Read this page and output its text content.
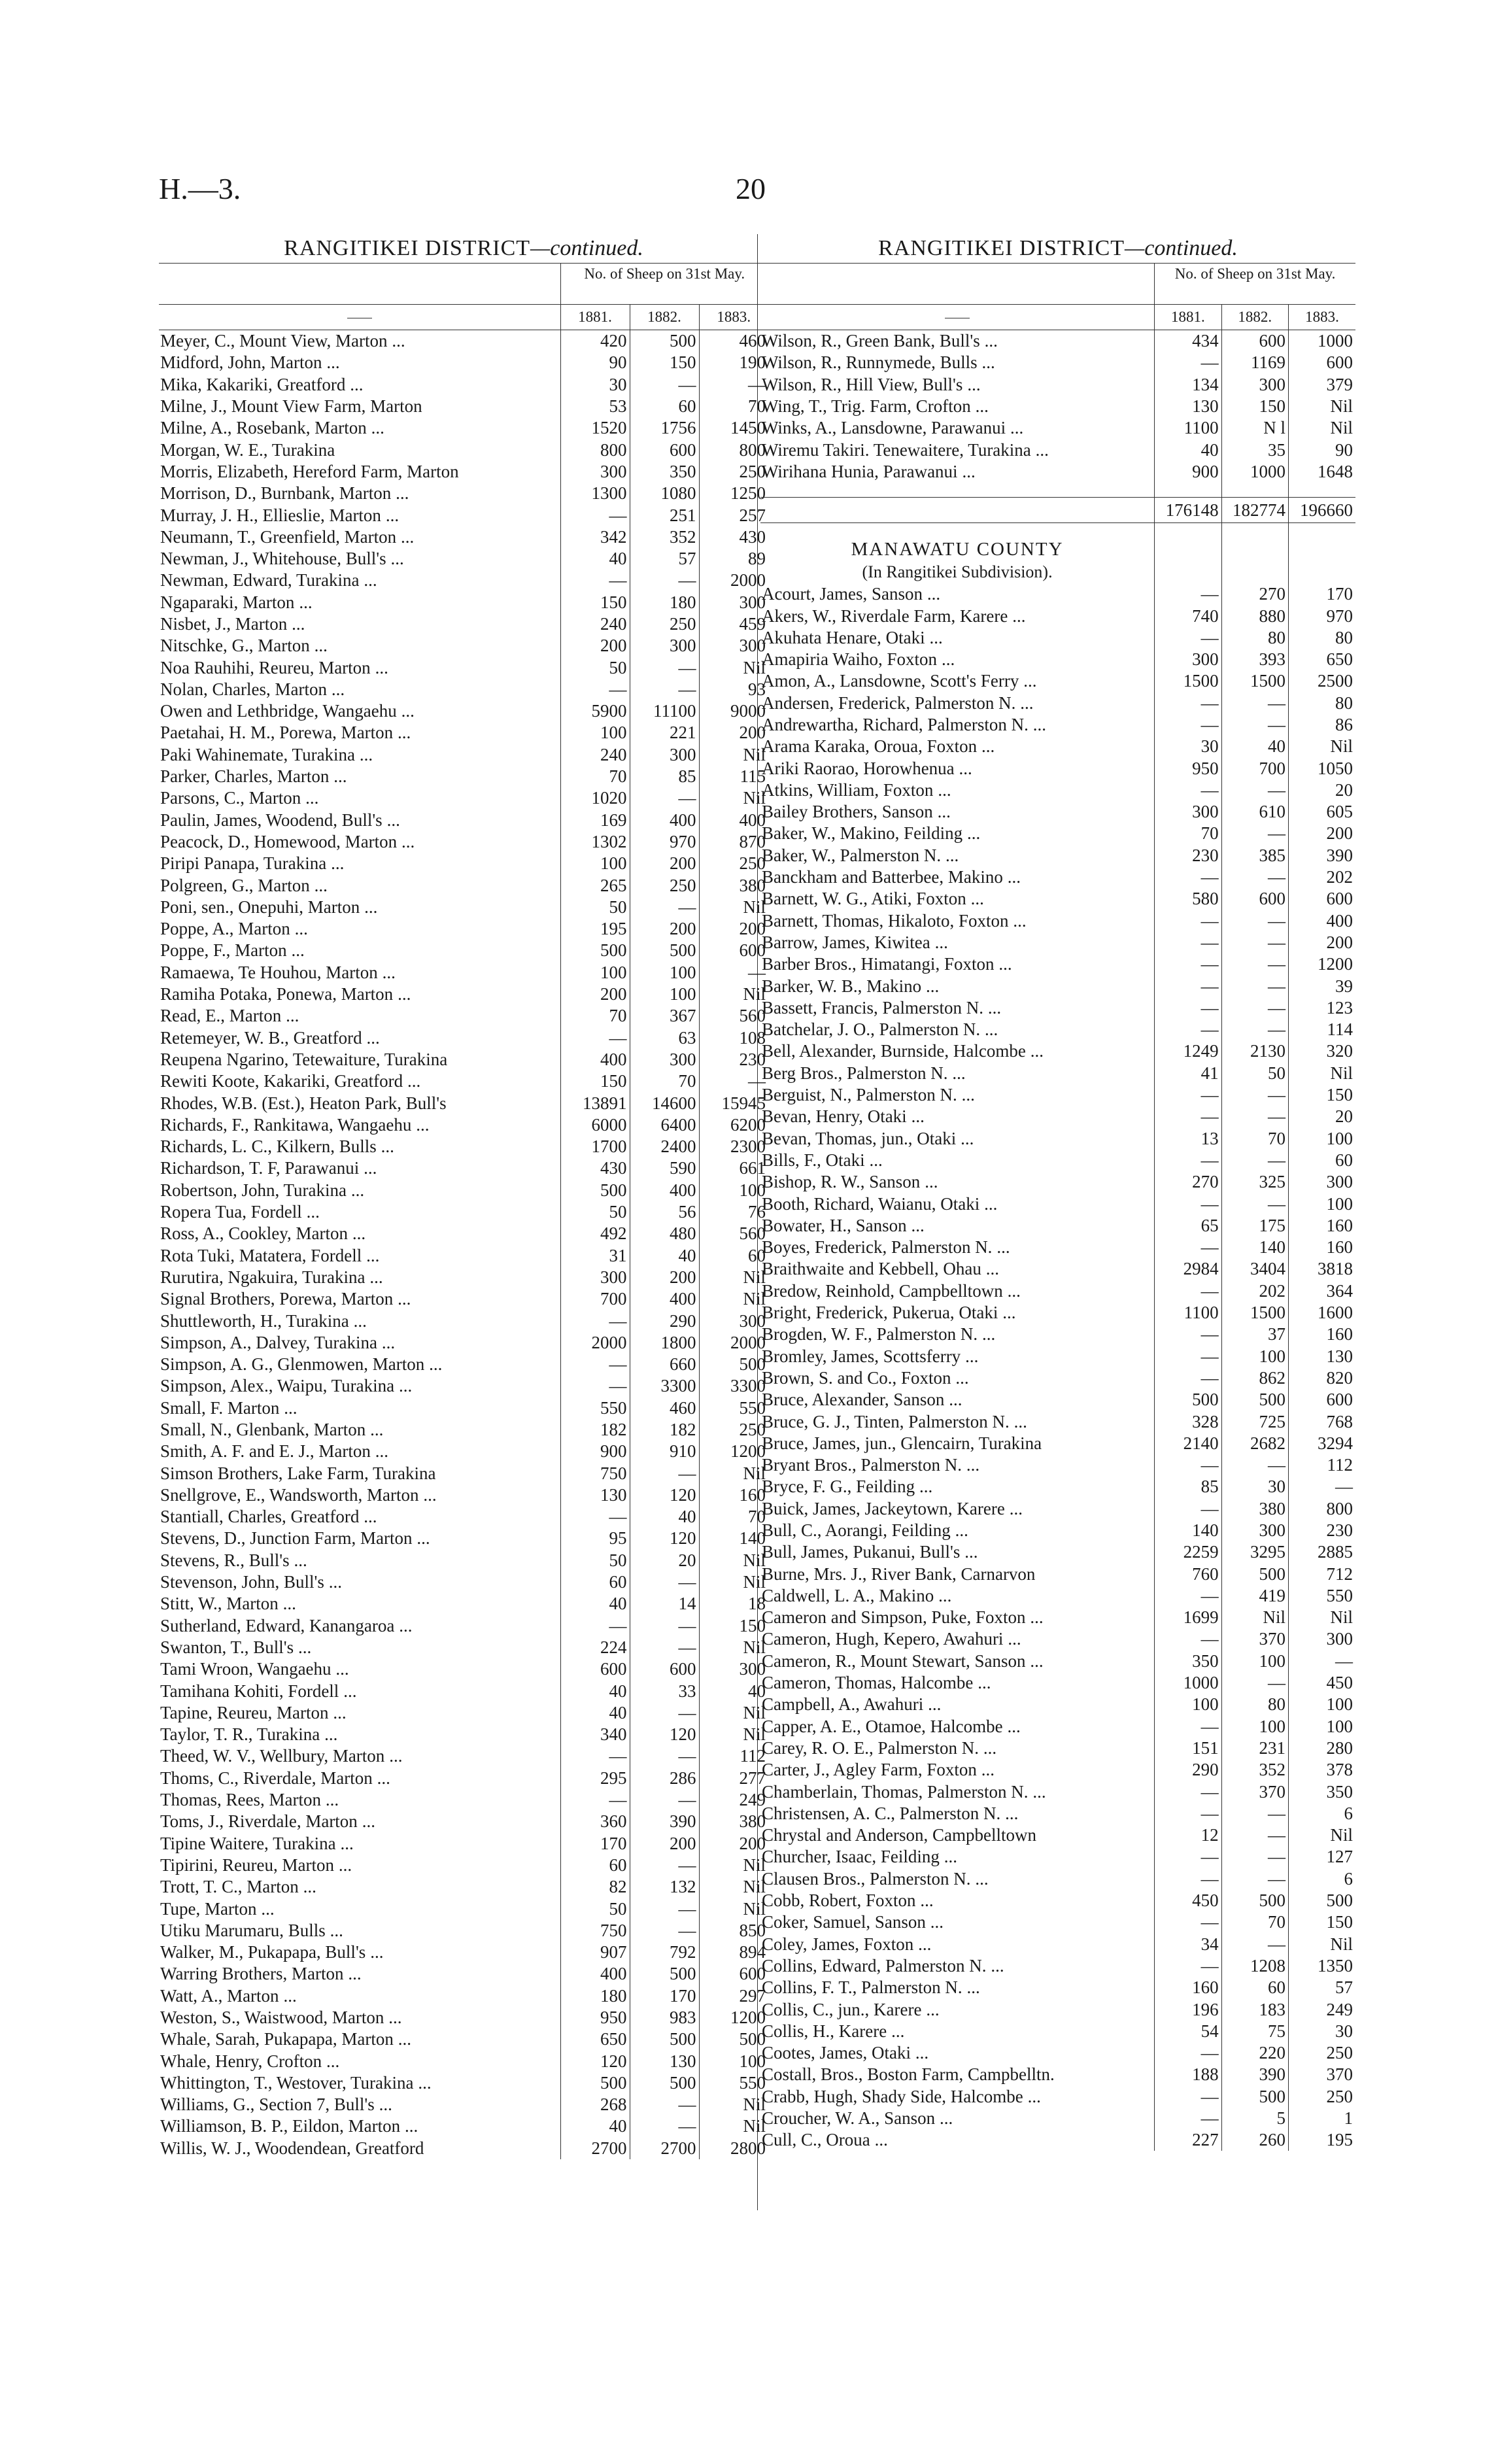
H.—3.	20
RANGITIKEI DISTRICT—continued.
	No. of Sheep on 31st May.		
	1881.	1882.	1883.
Meyer, C., Mount View, Marton ...	420	500	460
Midford, John, Marton ...	90	150	190
Mika, Kakariki, Greatford ...	30	—	—
Milne, J., Mount View Farm, Marton	53	60	70
Milne, A., Rosebank, Marton ...	1520	1756	1450
Morgan, W. E., Turakina	800	600	800
Morris, Elizabeth, Hereford Farm, Marton	300	350	250
Morrison, D., Burnbank, Marton ...	1300	1080	1250
Murray, J. H., Ellieslie, Marton ...	—	251	257
Neumann, T., Greenfield, Marton ...	342	352	430
Newman, J., Whitehouse, Bull's ...	40	57	89
Newman, Edward, Turakina ...	—	—	2000
Ngaparaki, Marton ...	150	180	300
Nisbet, J., Marton ...	240	250	459
Nitschke, G., Marton ...	200	300	300
Noa Rauhihi, Reureu, Marton ...	50	—	Nil
Nolan, Charles, Marton ...	—	—	93
Owen and Lethbridge, Wangaehu ...	5900	11100	9000
Paetahai, H. M., Porewa, Marton ...	100	221	200
Paki Wahinemate, Turakina ...	240	300	Nil
Parker, Charles, Marton ...	70	85	115
Parsons, C., Marton ...	1020	—	Nil
Paulin, James, Woodend, Bull's ...	169	400	400
Peacock, D., Homewood, Marton ...	1302	970	870
Piripi Panapa, Turakina ...	100	200	250
Polgreen, G., Marton ...	265	250	380
Poni, sen., Onepuhi, Marton ...	50	—	Nil
Poppe, A., Marton ...	195	200	200
Poppe, F., Marton ...	500	500	600
Ramaewa, Te Houhou, Marton ...	100	100	—
Ramiha Potaka, Ponewa, Marton ...	200	100	Nil
Read, E., Marton ...	70	367	560
Retemeyer, W. B., Greatford ...	—	63	108
Reupena Ngarino, Tetewaiture, Turakina	400	300	230
Rewiti Koote, Kakariki, Greatford ...	150	70	—
Rhodes, W.B. (Est.), Heaton Park, Bull's	13891	14600	15945
Richards, F., Rankitawa, Wangaehu ...	6000	6400	6200
Richards, L. C., Kilkern, Bulls ...	1700	2400	2300
Richardson, T. F, Parawanui ...	430	590	661
Robertson, John, Turakina ...	500	400	100
Ropera Tua, Fordell ...	50	56	76
Ross, A., Cookley, Marton ...	492	480	560
Rota Tuki, Matatera, Fordell ...	31	40	60
Rurutira, Ngakuira, Turakina ...	300	200	Nil
Signal Brothers, Porewa, Marton ...	700	400	Nil
Shuttleworth, H., Turakina ...	—	290	300
Simpson, A., Dalvey, Turakina ...	2000	1800	2000
Simpson, A. G., Glenmowen, Marton ...	—	660	500
Simpson, Alex., Waipu, Turakina ...	—	3300	3300
Small, F. Marton ...	550	460	550
Small, N., Glenbank, Marton ...	182	182	250
Smith, A. F. and E. J., Marton ...	900	910	1200
Simson Brothers, Lake Farm, Turakina	750	—	Nil
Snellgrove, E., Wandsworth, Marton ...	130	120	160
Stantiall, Charles, Greatford ...	—	40	70
Stevens, D., Junction Farm, Marton ...	95	120	140
Stevens, R., Bull's ...	50	20	Nil
Stevenson, John, Bull's ...	60	—	Nil
Stitt, W., Marton ...	40	14	18
Sutherland, Edward, Kanangaroa ...	—	—	150
Swanton, T., Bull's ...	224	—	Nil
Tami Wroon, Wangaehu ...	600	600	300
Tamihana Kohiti, Fordell ...	40	33	40
Tapine, Reureu, Marton ...	40	—	Nil
Taylor, T. R., Turakina ...	340	120	Nil
Theed, W. V., Wellbury, Marton ...	—	—	112
Thoms, C., Riverdale, Marton ...	295	286	277
Thomas, Rees, Marton ...	—	—	249
Toms, J., Riverdale, Marton ...	360	390	380
Tipine Waitere, Turakina ...	170	200	200
Tipirini, Reureu, Marton ...	60	—	Nil
Trott, T. C., Marton ...	82	132	Nil
Tupe, Marton ...	50	—	Nil
Utiku Marumaru, Bulls ...	750	—	850
Walker, M., Pukapapa, Bull's ...	907	792	894
Warring Brothers, Marton ...	400	500	600
Watt, A., Marton ...	180	170	297
Weston, S., Waistwood, Marton ...	950	983	1200
Whale, Sarah, Pukapapa, Marton ...	650	500	500
Whale, Henry, Crofton ...	120	130	100
Whittington, T., Westover, Turakina ...	500	500	550
Williams, G., Section 7, Bull's ...	268	—	Nil
Williamson, B. P., Eildon, Marton ...	40	—	Nil
Willis, W. J., Woodendean, Greatford	2700	2700	2800
RANGITIKEI DISTRICT—continued.
	No. of Sheep on 31st May.		
	1881.	1882.	1883.
Wilson, R., Green Bank, Bull's ...	434	600	1000
Wilson, R., Runnymede, Bulls ...	—	1169	600
Wilson, R., Hill View, Bull's ...	134	300	379
Wing, T., Trig. Farm, Crofton ...	130	150	Nil
Winks, A., Lansdowne, Parawanui ...	1100	N l	Nil
Wiremu Takiri. Tenewaitere, Turakina ...	40	35	90
Wirihana Hunia, Parawanui ...	900	1000	1648

	176148	182774	196660

MANAWATU COUNTY			
(In Rangitikei Subdivision).			
Acourt, James, Sanson ...	—	270	170
Akers, W., Riverdale Farm, Karere ...	740	880	970
Akuhata Henare, Otaki ...	—	80	80
Amapiria Waiho, Foxton ...	300	393	650
Amon, A., Lansdowne, Scott's Ferry ...	1500	1500	2500
Andersen, Frederick, Palmerston N. ...	—	—	80
Andrewartha, Richard, Palmerston N. ...	—	—	86
Arama Karaka, Oroua, Foxton ...	30	40	Nil
Ariki Raorao, Horowhenua ...	950	700	1050
Atkins, William, Foxton ...	—	—	20
Bailey Brothers, Sanson ...	300	610	605
Baker, W., Makino, Feilding ...	70	—	200
Baker, W., Palmerston N. ...	230	385	390
Banckham and Batterbee, Makino ...	—	—	202
Barnett, W. G., Atiki, Foxton ...	580	600	600
Barnett, Thomas, Hikaloto, Foxton ...	—	—	400
Barrow, James, Kiwitea ...	—	—	200
Barber Bros., Himatangi, Foxton ...	—	—	1200
Barker, W. B., Makino ...	—	—	39
Bassett, Francis, Palmerston N. ...	—	—	123
Batchelar, J. O., Palmerston N. ...	—	—	114
Bell, Alexander, Burnside, Halcombe ...	1249	2130	320
Berg Bros., Palmerston N. ...	41	50	Nil
Berguist, N., Palmerston N. ...	—	—	150
Bevan, Henry, Otaki ...	—	—	20
Bevan, Thomas, jun., Otaki ...	13	70	100
Bills, F., Otaki ...	—	—	60
Bishop, R. W., Sanson ...	270	325	300
Booth, Richard, Waianu, Otaki ...	—	—	100
Bowater, H., Sanson ...	65	175	160
Boyes, Frederick, Palmerston N. ...	—	140	160
Braithwaite and Kebbell, Ohau ...	2984	3404	3818
Bredow, Reinhold, Campbelltown ...	—	202	364
Bright, Frederick, Pukerua, Otaki ...	1100	1500	1600
Brogden, W. F., Palmerston N. ...	—	37	160
Bromley, James, Scottsferry ...	—	100	130
Brown, S. and Co., Foxton ...	—	862	820
Bruce, Alexander, Sanson ...	500	500	600
Bruce, G. J., Tinten, Palmerston N. ...	328	725	768
Bruce, James, jun., Glencairn, Turakina	2140	2682	3294
Bryant Bros., Palmerston N. ...	—	—	112
Bryce, F. G., Feilding ...	85	30	—
Buick, James, Jackeytown, Karere ...	—	380	800
Bull, C., Aorangi, Feilding ...	140	300	230
Bull, James, Pukanui, Bull's ...	2259	3295	2885
Burne, Mrs. J., River Bank, Carnarvon	760	500	712
Caldwell, L. A., Makino ...	—	419	550
Cameron and Simpson, Puke, Foxton ...	1699	Nil	Nil
Cameron, Hugh, Kepero, Awahuri ...	—	370	300
Cameron, R., Mount Stewart, Sanson ...	350	100	—
Cameron, Thomas, Halcombe ...	1000	—	450
Campbell, A., Awahuri ...	100	80	100
Capper, A. E., Otamoe, Halcombe ...	—	100	100
Carey, R. O. E., Palmerston N. ...	151	231	280
Carter, J., Agley Farm, Foxton ...	290	352	378
Chamberlain, Thomas, Palmerston N. ...	—	370	350
Christensen, A. C., Palmerston N. ...	—	—	6
Chrystal and Anderson, Campbelltown	12	—	Nil
Churcher, Isaac, Feilding ...	—	—	127
Clausen Bros., Palmerston N. ...	—	—	6
Cobb, Robert, Foxton ...	450	500	500
Coker, Samuel, Sanson ...	—	70	150
Coley, James, Foxton ...	34	—	Nil
Collins, Edward, Palmerston N. ...	—	1208	1350
Collins, F. T., Palmerston N. ...	160	60	57
Collis, C., jun., Karere ...	196	183	249
Collis, H., Karere ...	54	75	30
Cootes, James, Otaki ...	—	220	250
Costall, Bros., Boston Farm, Campbelltn.	188	390	370
Crabb, Hugh, Shady Side, Halcombe ...	—	500	250
Croucher, W. A., Sanson ...	—	5	1
Cull, C., Oroua ...	227	260	195
